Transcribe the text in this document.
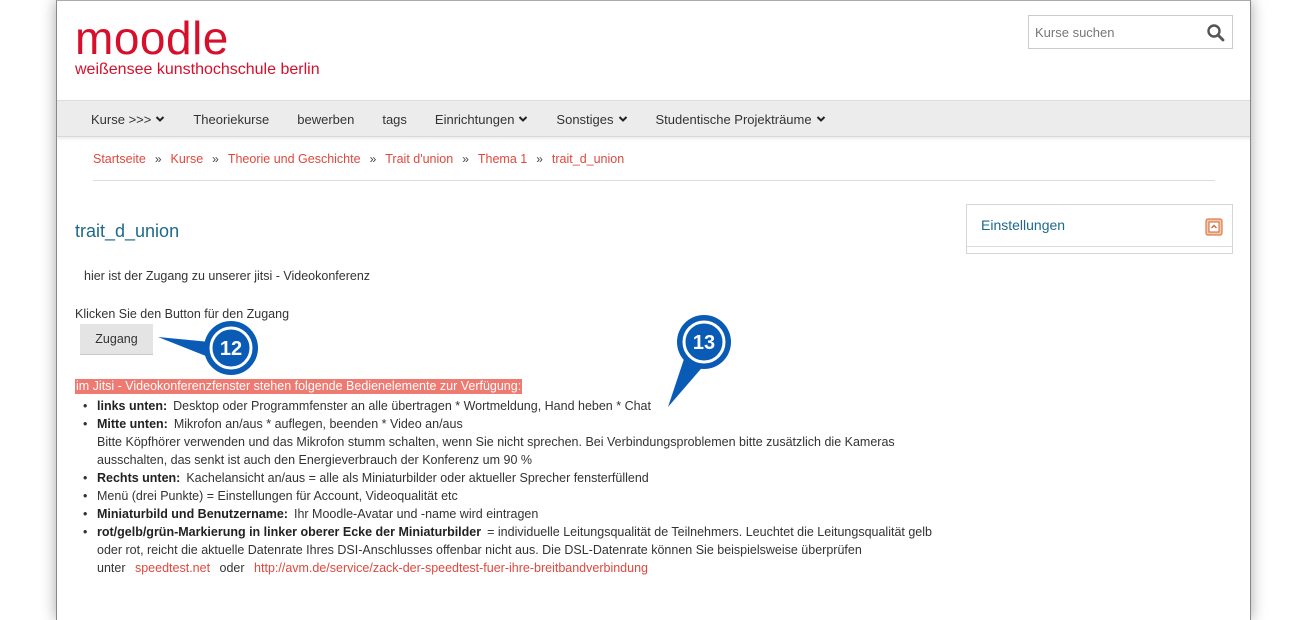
moodle
weißensee kunsthochschule berlin
Kurse suchen
Kurse >>>	Theoriekurse bewerben tags Einrichtungen	Sonstiges	Studentische Projekträume
Startseite » Kurse » Theorie und Geschichte » Trait d'union » Thema 1 » trait_d_union
trait_d_union
hier ist der Zugang zu unserer jitsi - Videokonferenz
Klicken Sie den Button für den Zugang
Zugang
im Jitsi - Videokonferenzfenster stehen folgende Bedienelemente zur Verfügung:
• links unten: Desktop oder Programmfenster an alle übertragen * Wortmeldung, Hand heben * Chat
• Mitte unten: Mikrofon an/aus * auflegen, beenden * Video an/aus
Bitte Köpfhörer verwenden und das Mikrofon stumm schalten, wenn Sie nicht sprechen. Bei Verbindungsproblemen bitte zusätzlich die Kameras ausschalten, das senkt ist auch den Energieverbrauch der Konferenz um 90 %
• Rechts unten: Kachelansicht an/aus = alle als Miniaturbilder oder aktueller Sprecher fensterfüllend
• Menü (drei Punkte) = Einstellungen für Account, Videoqualität etc
• Miniaturbild und Benutzername: Ihr Moodle-Avatar und -name wird eintragen
• rot/gelb/grün-Markierung in linker oberer Ecke der Miniaturbilder = individuelle Leitungsqualität de Teilnehmers. Leuchtet die Leitungsqualität gelb oder rot, reicht die aktuelle Datenrate Ihres DSI-Anschlusses offenbar nicht aus. Die DSL-Datenrate können Sie beispielsweise überprüfen
unter speedtest.net oder http://avm.de/service/zack-der-speedtest-fuer-ihre-breitbandverbindung
Einstellungen
12	13
